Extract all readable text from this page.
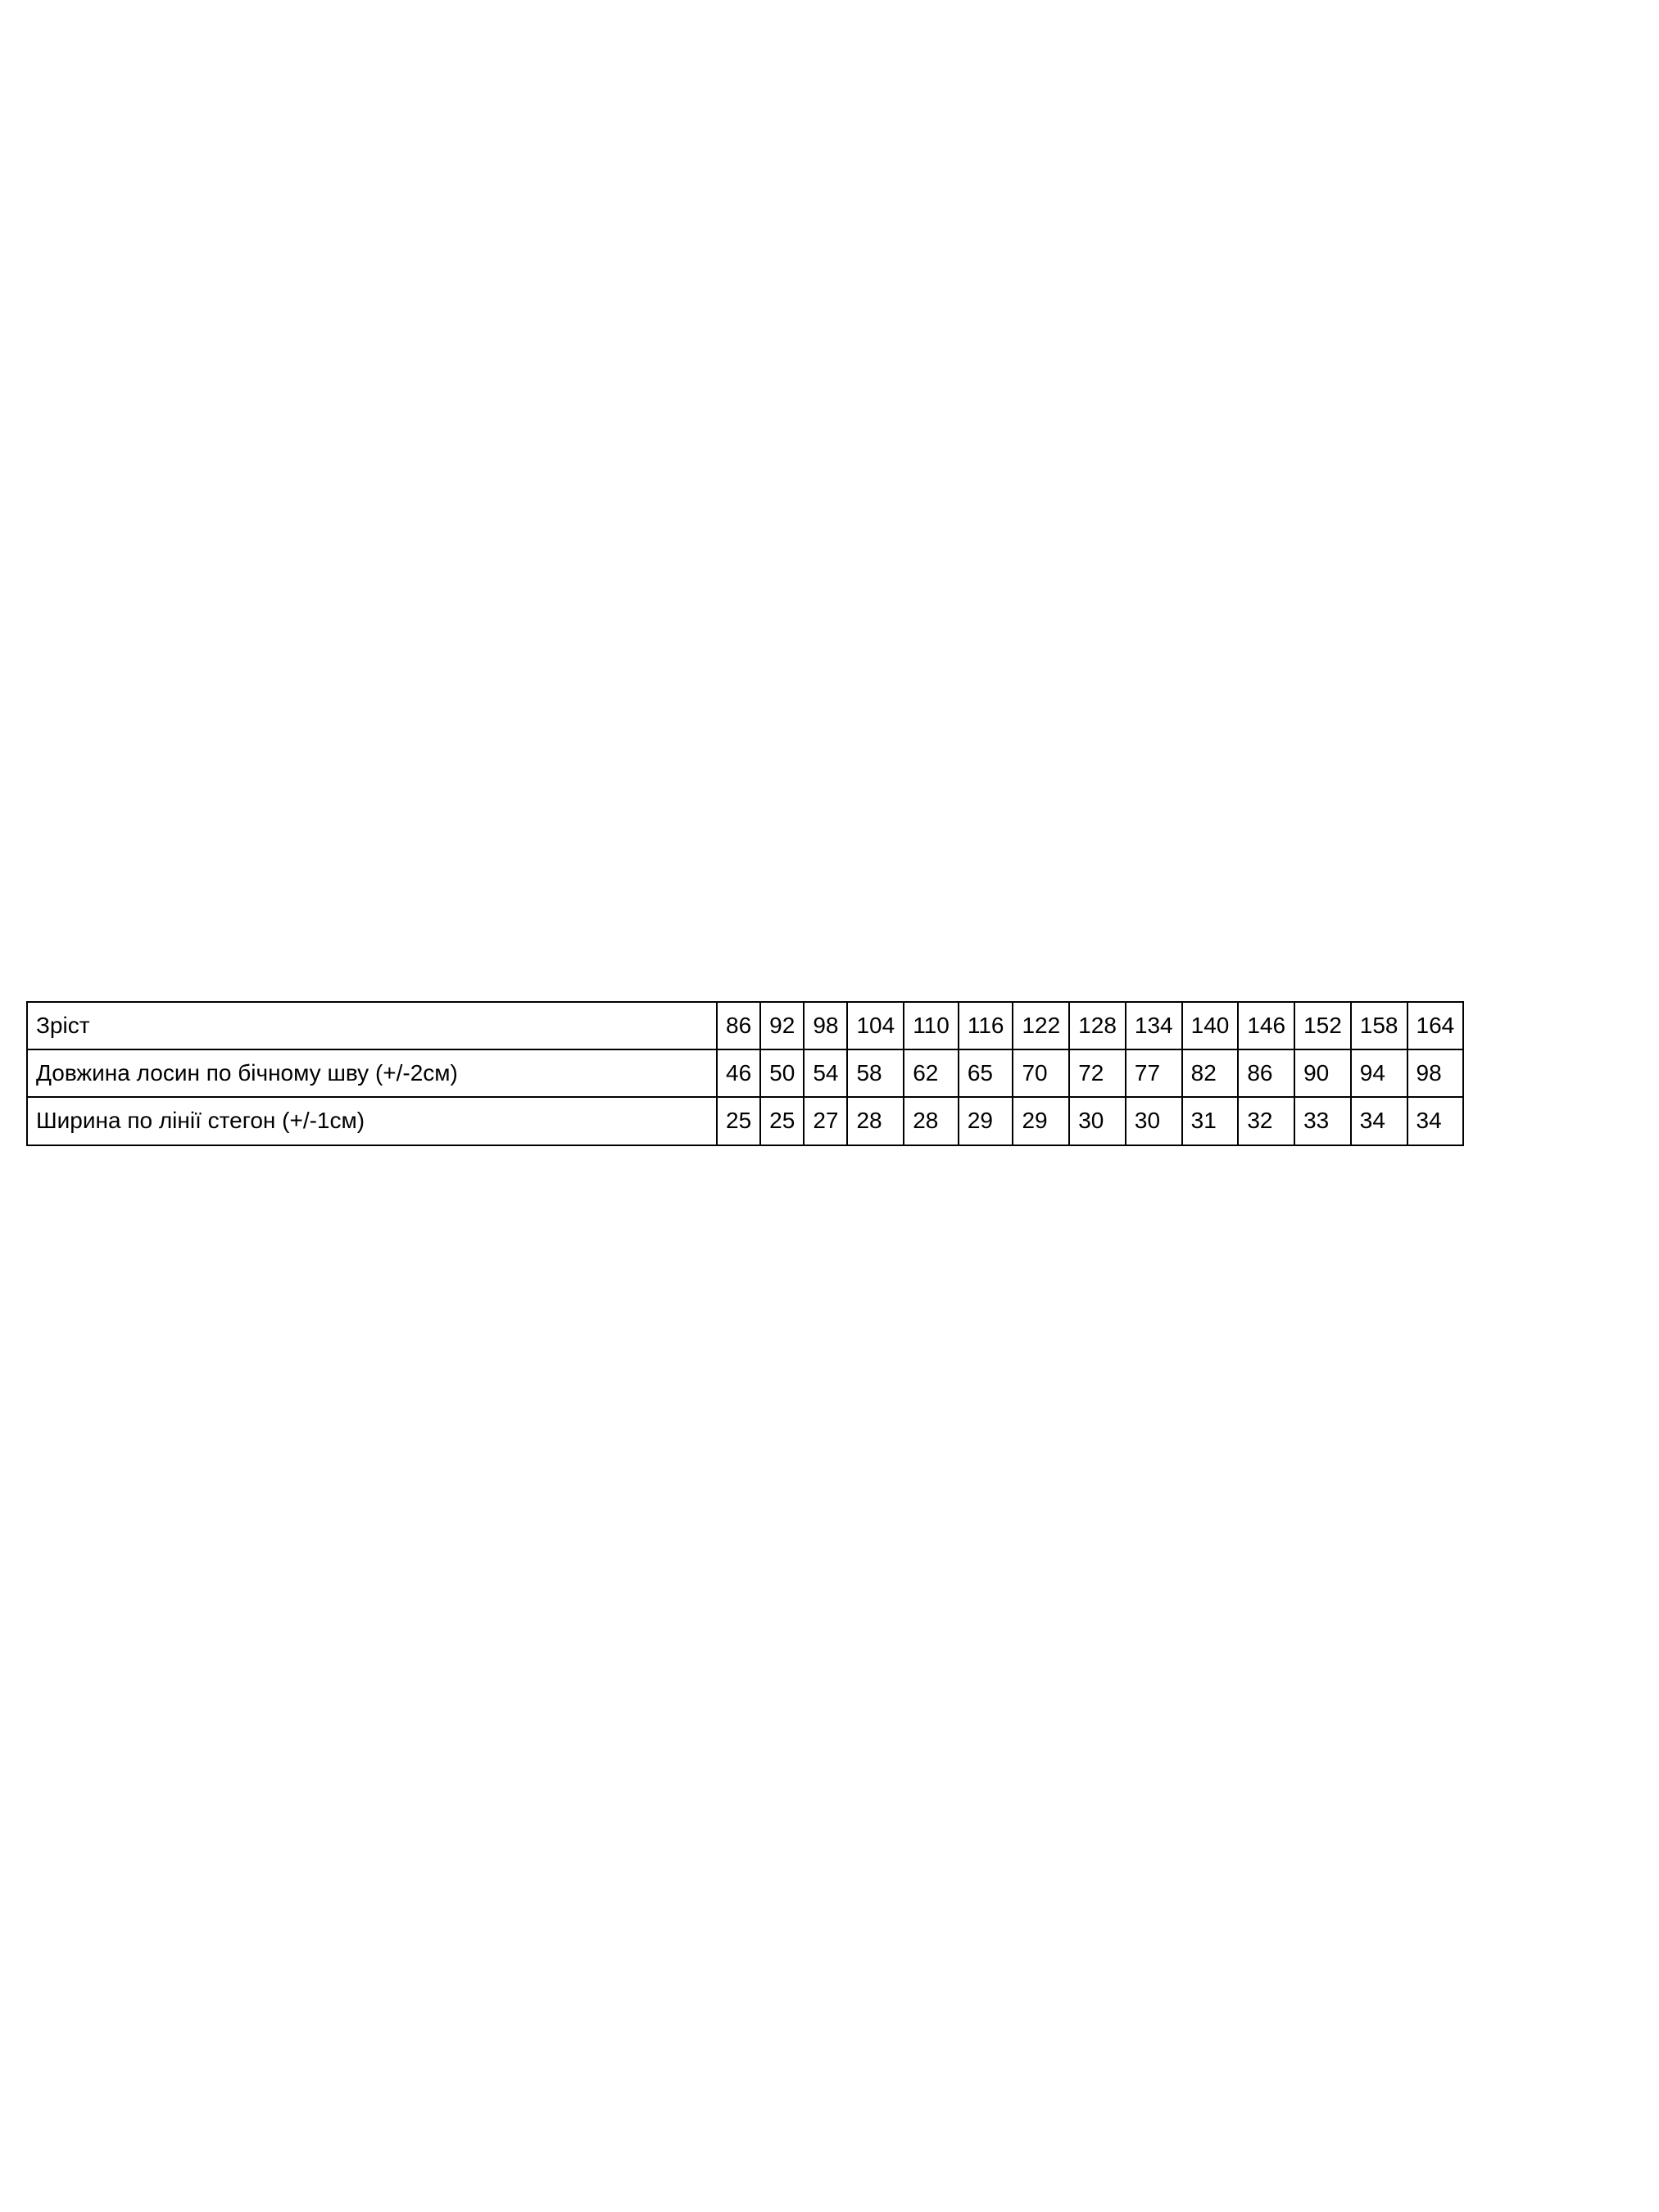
Зріст	86	92	98	104	110	116	122	128	134	140	146	152	158	164
Довжина лосин по бічному шву (+/-2см)	46	50	54	58	62	65	70	72	77	82	86	90	94	98
Ширина по лінії стегон (+/-1см)	25	25	27	28	28	29	29	30	30	31	32	33	34	34
